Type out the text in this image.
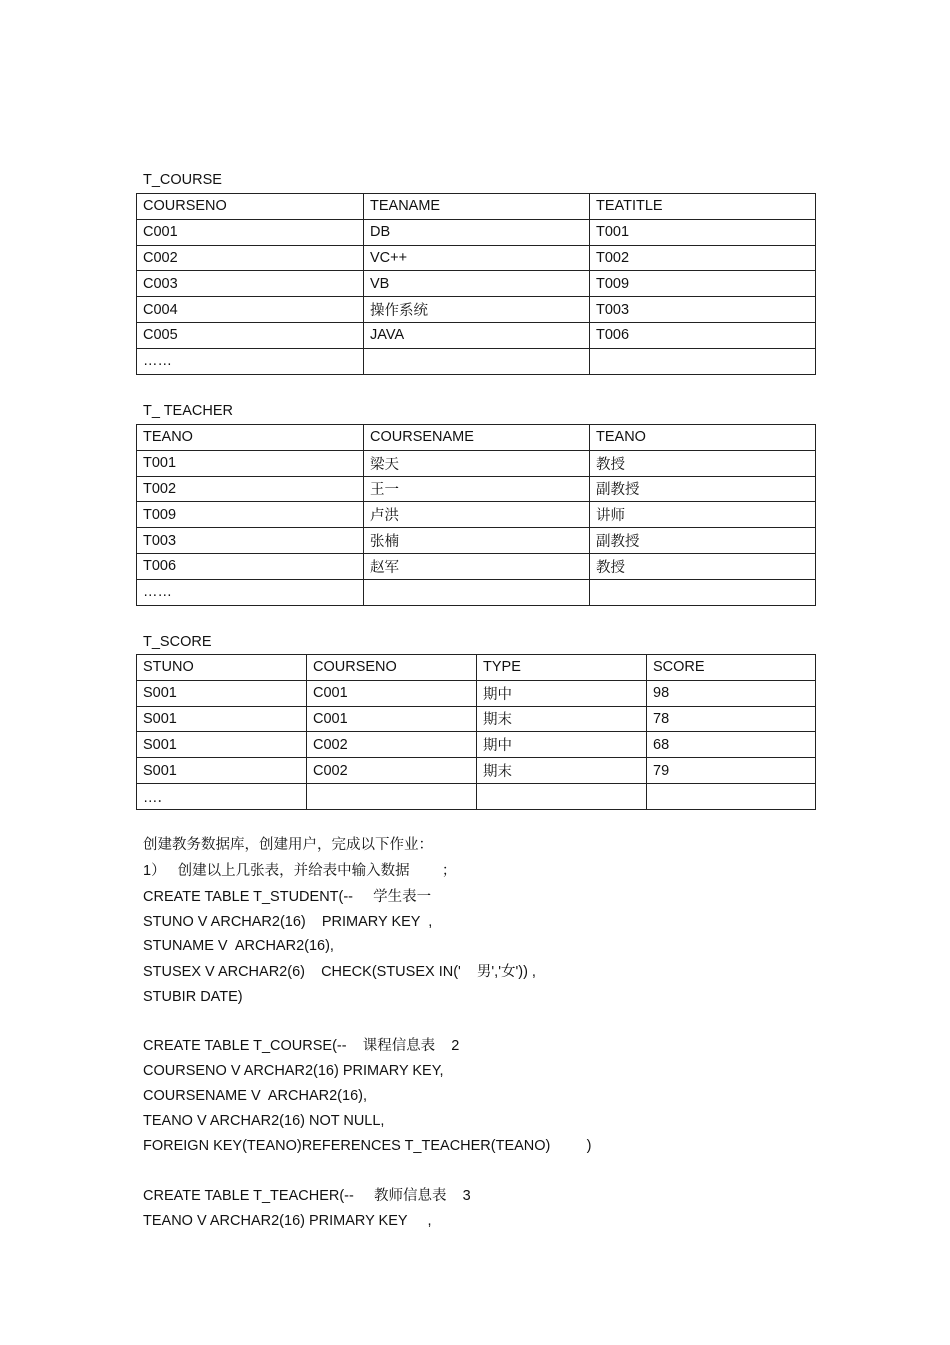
T_COURSE
COURSENO	TEANAME	TEATITLE
C001	DB	T001
C002	VC++	T002
C003	VB	T009
C004	操作系统	T003
C005	JAVA	T006
……		
T_ TEACHER
TEANO	COURSENAME	TEANO
T001	梁天	教授
T002	王一	副教授
T009	卢洪	讲师
T003	张楠	副教授
T006	赵军	教授
……		
T_SCORE
STUNO	COURSENO	TYPE	SCORE
S001	C001	期中	98
S001	C001	期末	78
S001	C002	期中	68
S001	C002	期末	79
…．			
创建教务数据库，创建用户，完成以下作业：
1）   创建以上几张表，并给表中输入数据        ；
CREATE TABLE T_STUDENT(--     学生表一
STUNO V ARCHAR2(16)    PRIMARY KEY  ,
STUNAME V  ARCHAR2(16),
STUSEX V ARCHAR2(6)    CHECK(STUSEX IN('    男','女')) ,
STUBIR DATE)
CREATE TABLE T_COURSE(--    课程信息表    2
COURSENO V ARCHAR2(16) PRIMARY KEY,
COURSENAME V  ARCHAR2(16),
TEANO V ARCHAR2(16) NOT NULL,
FOREIGN KEY(TEANO)REFERENCES T_TEACHER(TEANO)         )
CREATE TABLE T_TEACHER(--     教师信息表    3
TEANO V ARCHAR2(16) PRIMARY KEY     ,
